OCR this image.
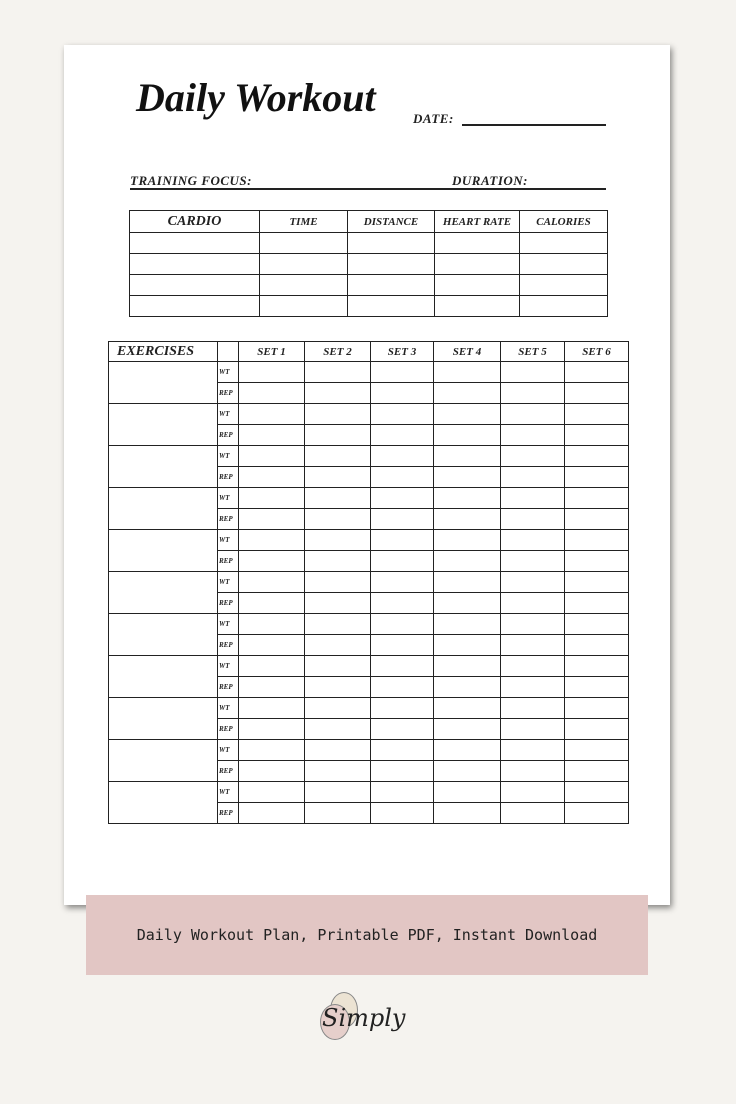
Daily Workout	DATE:
TRAINING FOCUS:	DURATION:
CARDIO	TIME	DISTANCE	HEART RATE	CALORIES

EXERCISES		SET 1	SET 2	SET 3	SET 4	SET 5	SET 6
	WT						
	REP						
	WT						
	REP						
	WT						
	REP						
	WT						
	REP						
	WT						
	REP						
	WT						
	REP						
	WT						
	REP						
	WT						
	REP						
	WT						
	REP						
	WT						
	REP						
	WT						
	REP						
Daily Workout Plan, Printable PDF, Instant Download
Simply
